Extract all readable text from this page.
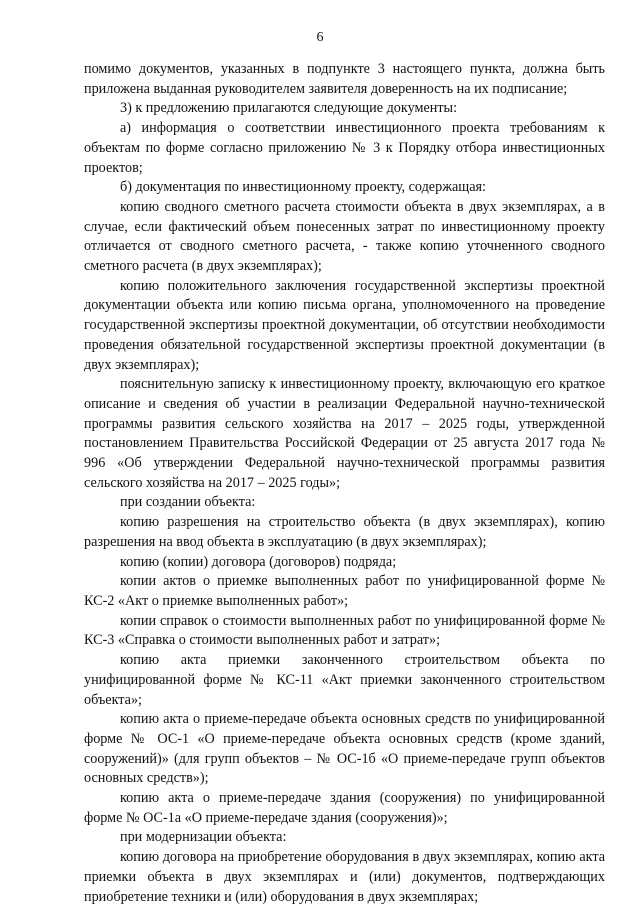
6

помимо документов, указанных в подпункте 3 настоящего пункта, должна быть приложена выданная руководителем заявителя доверенность на их подписание;

3) к предложению прилагаются следующие документы:

а) информация о соответствии инвестиционного проекта требованиям к объектам по форме согласно приложению № 3 к Порядку отбора инвестиционных проектов;

б) документация по инвестиционному проекту, содержащая:

копию сводного сметного расчета стоимости объекта в двух экземплярах, а в случае, если фактический объем понесенных затрат по инвестиционному проекту отличается от сводного сметного расчета, - также копию уточненного сводного сметного расчета (в двух экземплярах);

копию положительного заключения государственной экспертизы проектной документации объекта или копию письма органа, уполномоченного на проведение государственной экспертизы проектной документации, об отсутствии необходимости проведения обязательной государственной экспертизы проектной документации (в двух экземплярах);

пояснительную записку к инвестиционному проекту, включающую его краткое описание и сведения об участии в реализации Федеральной научно-технической программы развития сельского хозяйства на 2017 – 2025 годы, утвержденной постановлением Правительства Российской Федерации от 25 августа 2017 года № 996 «Об утверждении Федеральной научно-технической программы развития сельского хозяйства на 2017 – 2025 годы»;

при создании объекта:

копию разрешения на строительство объекта (в двух экземплярах), копию разрешения на ввод объекта в эксплуатацию (в двух экземплярах);

копию (копии) договора (договоров) подряда;

копии актов о приемке выполненных работ по унифицированной форме № КС-2 «Акт о приемке выполненных работ»;

копии справок о стоимости выполненных работ по унифицированной форме № КС-3 «Справка о стоимости выполненных работ и затрат»;

копию акта приемки законченного строительством объекта по унифицированной форме № КС-11 «Акт приемки законченного строительством объекта»;

копию акта о приеме-передаче объекта основных средств по унифицированной форме № ОС-1 «О приеме-передаче объекта основных средств (кроме зданий, сооружений)» (для групп объектов – № ОС-1б «О приеме-передаче групп объектов основных средств»);

копию акта о приеме-передаче здания (сооружения) по унифицированной форме № ОС-1а «О приеме-передаче здания (сооружения)»;

при модернизации объекта:

копию договора на приобретение оборудования в двух экземплярах, копию акта приемки объекта в двух экземплярах и (или) документов, подтверждающих приобретение техники и (или) оборудования в двух экземплярах;
